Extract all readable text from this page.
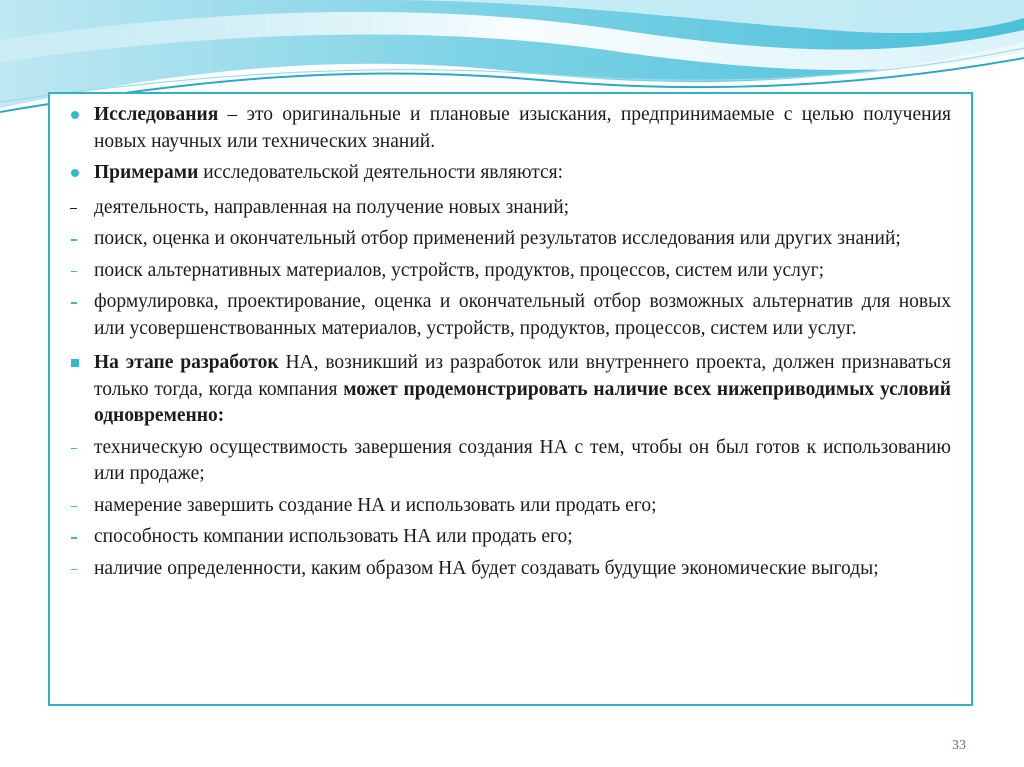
Исследования – это оригинальные и плановые изыскания, предпринимаемые с целью получения новых научных или технических знаний.
Примерами исследовательской деятельности являются:
деятельность, направленная на получение новых знаний;
поиск, оценка и окончательный отбор применений результатов исследования или других знаний;
поиск альтернативных материалов, устройств, продуктов, процессов, систем или услуг;
формулировка, проектирование, оценка и окончательный отбор возможных альтернатив для новых или усовершенствованных материалов, устройств, продуктов, процессов, систем или услуг.
На этапе разработок НА, возникший из разработок или внутреннего проекта, должен признаваться только тогда, когда компания может продемонстрировать наличие всех нижеприводимых условий одновременно:
техническую осуществимость завершения создания НА с тем, чтобы он был готов к использованию или продаже;
намерение завершить создание НА и использовать или продать его;
способность компании использовать НА или продать его;
наличие определенности, каким образом НА будет создавать будущие экономические выгоды;
33
